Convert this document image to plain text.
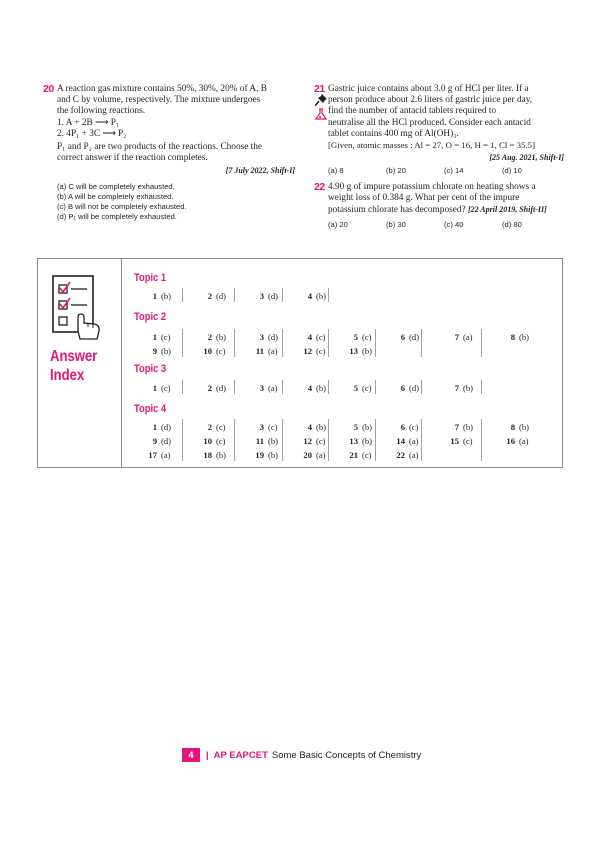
20 A reaction gas mixture contains 50%, 30%, 20% of A, B
and C by volume, respectively. The mixture undergoes
the following reactions.
1. A + 2B ⟶ P₁
2. 4P₁ + 3C ⟶ P₂
P₁ and P₂ are two products of the reactions. Choose the
correct answer if the reaction completes.
[7 July 2022, Shift-I]
(a) C will be completely exhausted.
(b) A will be completely exhausted.
(c) B will not be completely exhausted.
(d) P₁ will be completely exhausted.
21 Gastric juice contains about 3.0 g of HCl per liter. If a
person produce about 2.6 liters of gastric juice per day,
find the number of antacid tablets required to
neutralise all the HCl produced. Consider each antacid
tablet contains 400 mg of Al(OH)₃.
[Given, atomic masses : Al = 27, O = 16, H = 1, Cl = 35.5]
[25 Aug. 2021, Shift-I]
(a) 8	(b) 20	(c) 14	(d) 10
22 4.90 g of impure potassium chlorate on heating shows a
weight loss of 0.384 g. What per cent of the impure
potassium chlorate has decomposed? [22 April 2019, Shift-II]
(a) 20	(b) 30	(c) 40	(d) 80
Answer
Index
Topic 1
Topic 2
Topic 3
Topic 4
1 (b)	2 (d)	3 (d)	4 (b)
1 (c)	2 (b)	3 (d)	4 (c)	5 (c)	6 (d)	7 (a)	8 (b)
9 (b)	10 (c)	11 (a)	12 (c)	13 (b)
1 (c)	2 (d)	3 (a)	4 (b)	5 (c)	6 (d)	7 (b)
1 (d)	2 (c)	3 (c)	4 (b)	5 (b)	6 (c)	7 (b)	8 (b)
9 (d)	10 (c)	11 (b)	12 (c)	13 (b)	14 (a)	15 (c)	16 (a)
17 (a)	18 (b)	19 (b)	20 (a)	21 (c)	22 (a)
4	| AP EAPCET Some Basic Concepts of Chemistry
